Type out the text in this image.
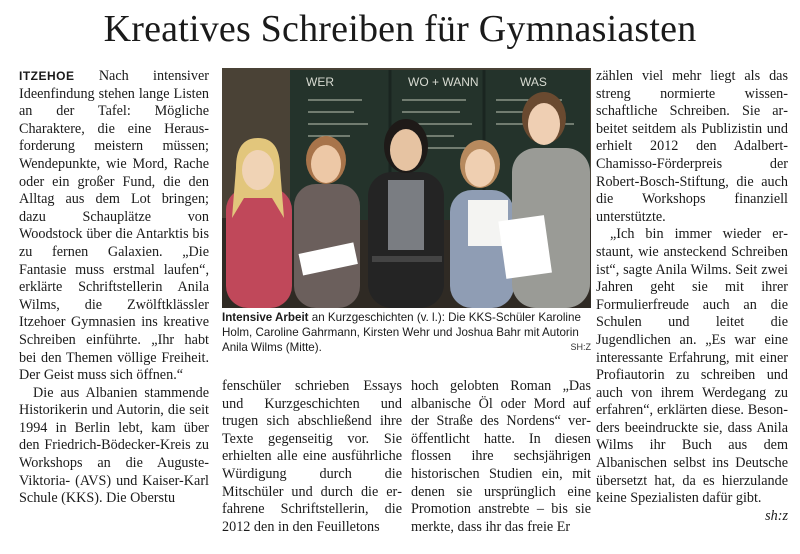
Kreatives Schreiben für Gymnasiasten

ITZEHOE Nach intensiver Ideenfindung stehen lange Listen an der Tafel: Mögliche Charaktere, die eine Herausforderung meistern müssen; Wendepunkte, wie Mord, Rache oder ein großer Fund, die den Alltag aus dem Lot bringen; dazu Schauplätze von Woodstock über die Antarktis bis zu fernen Galaxien. „Die Fantasie muss erstmal laufen“, erklärte Schriftstellerin Anila Wilms, die Zwölftklässler Itzehoer Gymnasien ins kreative Schreiben einführte. „Ihr habt bei den Themen völlige Freiheit. Der Geist muss sich öffnen.“

Die aus Albanien stammende Historikerin und Autorin, die seit 1994 in Berlin lebt, kam über den Friedrich-Bödecker-Kreis zu Workshops an die Auguste-Viktoria- (AVS) und Kaiser-Karl Schule (KKS). Die Oberstu

WER	WO + WANN	WAS
Intensive Arbeit an Kurzgeschichten (v. l.): Die KKS-Schüler Karoline Holm, Caroline Gahrmann, Kirsten Wehr und Joshua Bahr mit Autorin Anila Wilms (Mitte).	SH:Z

fenschüler schrieben Essays und Kurzgeschichten und trugen sich abschließend ihre Texte gegenseitig vor. Sie erhielten alle eine ausführliche Würdigung durch die Mitschüler und durch die erfahrene Schriftstellerin, die 2012 den in den Feuilletons

hoch gelobten Roman „Das albanische Öl oder Mord auf der Straße des Nordens“ veröffentlicht hatte. In diesen flossen ihre sechsjährigen historischen Studien ein, mit denen sie ursprünglich eine Promotion anstrebte – bis sie merkte, dass ihr das freie Er

zählen viel mehr liegt als das streng normierte wissenschaftliche Schreiben. Sie arbeitet seitdem als Publizistin und erhielt 2012 den Adalbert-Chamisso-Förderpreis der Robert-Bosch-Stiftung, die auch die Workshops finanziell unterstützte.

„Ich bin immer wieder erstaunt, wie ansteckend Schreiben ist“, sagte Anila Wilms. Seit zwei Jahren geht sie mit ihrer Formulierfreude auch an die Schulen und leitet die Jugendlichen an. „Es war eine interessante Erfahrung, mit einer Profiautorin zu schreiben und auch von ihrem Werdegang zu erfahren“, erklärten diese. Besonders beeindruckte sie, dass Anila Wilms ihr Buch aus dem Albanischen selbst ins Deutsche übersetzt hat, da es hierzulande keine Spezialisten dafür gibt.

sh:z
